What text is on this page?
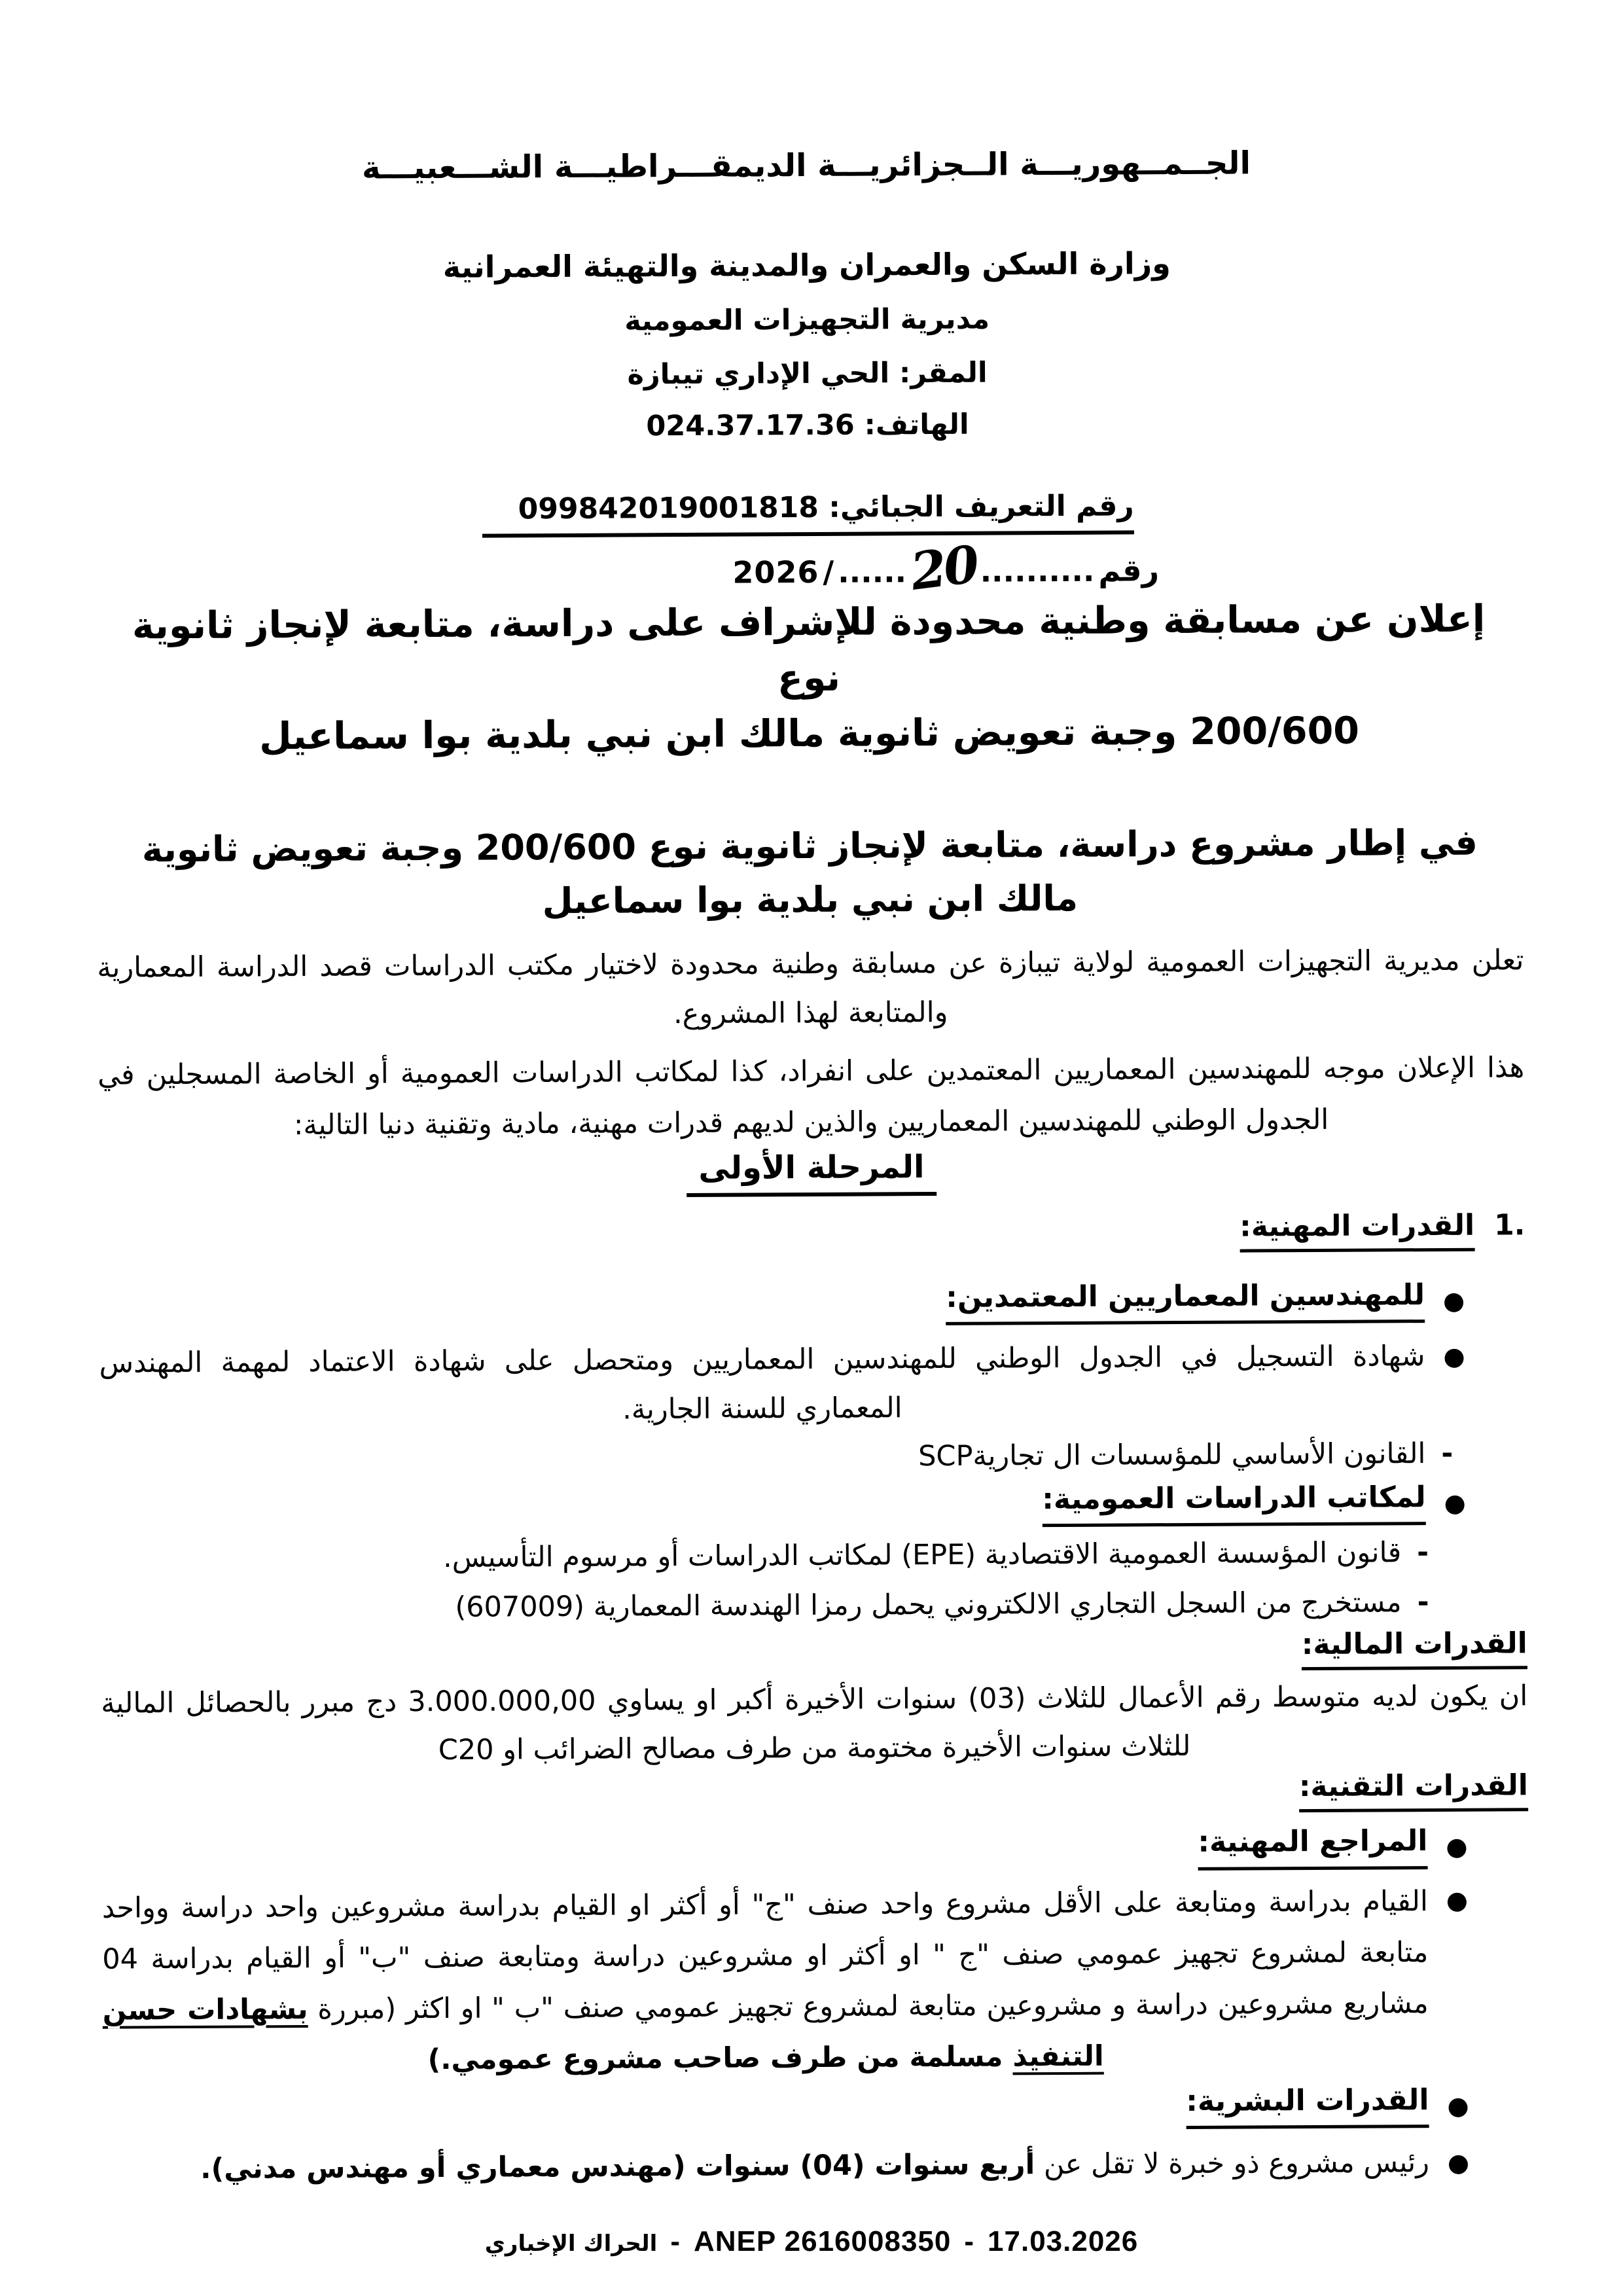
الجــمــهوريـــة الــجزائريـــة الديمقـــراطيـــة الشـــعبيـــة
وزارة السكن والعمران والمدينة والتهيئة العمرانية
مديرية التجهيزات العمومية
المقر: الحي الإداري تيبازة
الهاتف: 024.37.17.36
رقم التعريف الجبائي: 099842019001818
رقم
..........
20
......
/
2026
إعلان عن مسابقة وطنية محدودة للإشراف على دراسة، متابعة لإنجاز ثانوية نوع
200/600 وجبة تعويض ثانوية مالك ابن نبي بلدية بوا سماعيل
في إطار مشروع دراسة، متابعة لإنجاز ثانوية نوع 200/600 وجبة تعويض ثانوية
مالك ابن نبي بلدية بوا سماعيل
تعلن مديرية التجهيزات العمومية لولاية تيبازة عن مسابقة وطنية محدودة لاختيار مكتب الدراسات قصد الدراسة المعمارية والمتابعة لهذا المشروع.
هذا الإعلان موجه للمهندسين المعماريين المعتمدين على انفراد، كذا لمكاتب الدراسات العمومية أو الخاصة المسجلين في الجدول الوطني للمهندسين المعماريين والذين لديهم قدرات مهنية، مادية وتقنية دنيا التالية:
المرحلة الأولى
1.القدرات المهنية:
للمهندسين المعماريين المعتمدين:
شهادة التسجيل في الجدول الوطني للمهندسين المعماريين ومتحصل على شهادة الاعتماد لمهمة المهندس المعماري للسنة الجارية.
-
القانون الأساسي للمؤسسات ال تجاريةSCP
لمكاتب الدراسات العمومية:
-
قانون المؤسسة العمومية الاقتصادية (EPE) لمكاتب الدراسات أو مرسوم التأسيس.
-
مستخرج من السجل التجاري الالكتروني يحمل رمزا الهندسة المعمارية (607009)
القدرات المالية:
ان يكون لديه متوسط رقم الأعمال للثلاث (03) سنوات الأخيرة أكبر او يساوي 3.000.000,00 دج مبرر بالحصائل المالية للثلاث سنوات الأخيرة مختومة من طرف مصالح الضرائب او C20
القدرات التقنية:
المراجع المهنية:
القيام بدراسة ومتابعة على الأقل مشروع واحد صنف "ج" أو أكثر او القيام بدراسة مشروعين واحد دراسة وواحد متابعة لمشروع تجهيز عمومي صنف "ج " او أكثر او مشروعين دراسة ومتابعة صنف "ب" أو القيام بدراسة 04 مشاريع مشروعين دراسة و مشروعين متابعة لمشروع تجهيز عمومي صنف "ب " او اكثر (مبررة بشهادات حسن التنفيذ مسلمة من طرف صاحب مشروع عمومي.)
القدرات البشرية:
رئيس مشروع ذو خبرة لا تقل عن أربع سنوات (04) سنوات (مهندس معماري أو مهندس مدني).
الحراك الإخباري - ANEP 2616008350 - 17.03.2026
